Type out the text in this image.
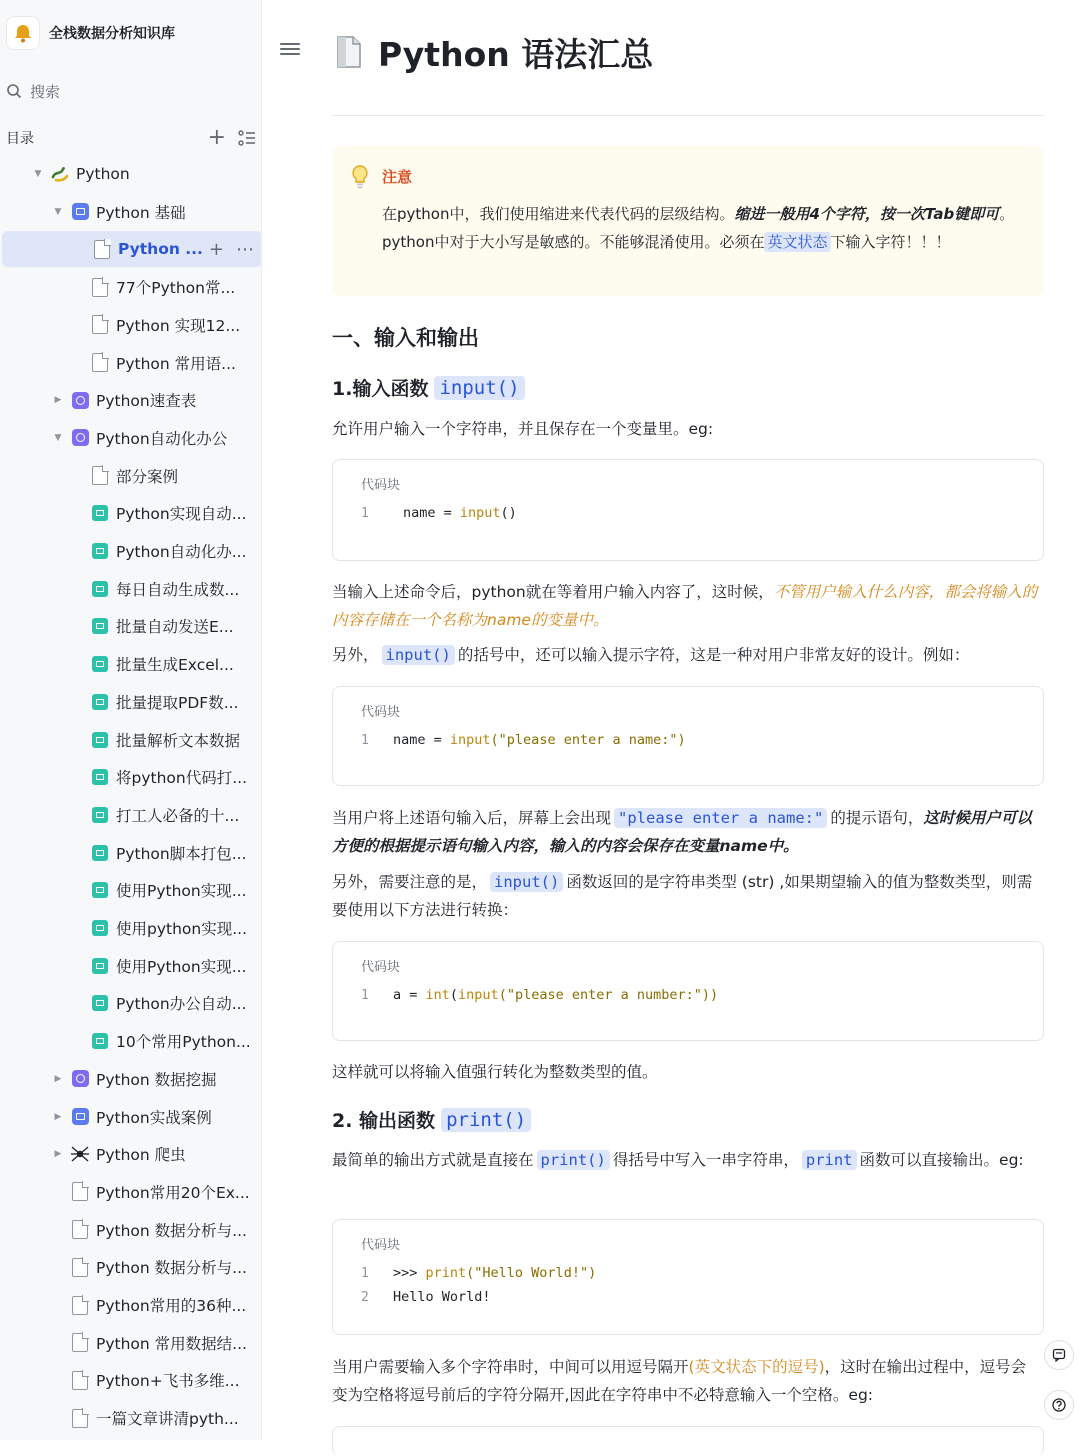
全栈数据分析知识库
搜索
目录	+
▼ Python
▼ Python 基础
Python ... + ⋯
77个Python常...
Python 实现12...
Python 常用语...
▶ Python速查表
▼ Python自动化办公
部分案例
Python实现自动...
Python自动化办...
每日自动生成数...
批量自动发送E...
批量生成Excel...
批量提取PDF数...
批量解析文本数据
将python代码打...
打工人必备的十...
Python脚本打包...
使用Python实现...
使用python实现...
使用Python实现...
Python办公自动...
10个常用Python...
▶ Python 数据挖掘
▶ Python实战案例
▶ Python 爬虫
Python常用20个Ex...
Python 数据分析与...
Python 数据分析与...
Python常用的36种...
Python 常用数据结...
Python+飞书多维...
一篇文章讲清pyth...
Python 语法汇总
注意
在python中，我们使用缩进来代表代码的层级结构。缩进一般用4个字符，按一次Tab键即可。python中对于大小写是敏感的。不能够混淆使用。必须在 英文状态 下输入字符！！！
一、输入和输出
1.输入函数 input()
允许用户输入一个字符串，并且保存在一个变量里。eg:
代码块
1	name = input()
当输入上述命令后，python就在等着用户输入内容了，这时候，不管用户输入什么内容，都会将输入的内容存储在一个名称为name的变量中。
另外， input() 的括号中，还可以输入提示字符，这是一种对用户非常友好的设计。例如：
代码块
1 name = input("please enter a name:")
当用户将上述语句输入后，屏幕上会出现 "please enter a name:" 的提示语句，这时候用户可以方便的根据提示语句输入内容，输入的内容会保存在变量name中。
另外，需要注意的是， input() 函数返回的是字符串类型 (str) ,如果期望输入的值为整数类型，则需要使用以下方法进行转换：
代码块
1 a = int(input("please enter a number:"))
这样就可以将输入值强行转化为整数类型的值。
2. 输出函数 print()
最简单的输出方式就是直接在 print() 得括号中写入一串字符串， print 函数可以直接输出。eg:
代码块
1 >>> print("Hello World!")
2 Hello World!
当用户需要输入多个字符串时，中间可以用逗号隔开(英文状态下的逗号)，这时在输出过程中，逗号会变为空格将逗号前后的字符分隔开,因此在字符串中不必特意输入一个空格。eg:
